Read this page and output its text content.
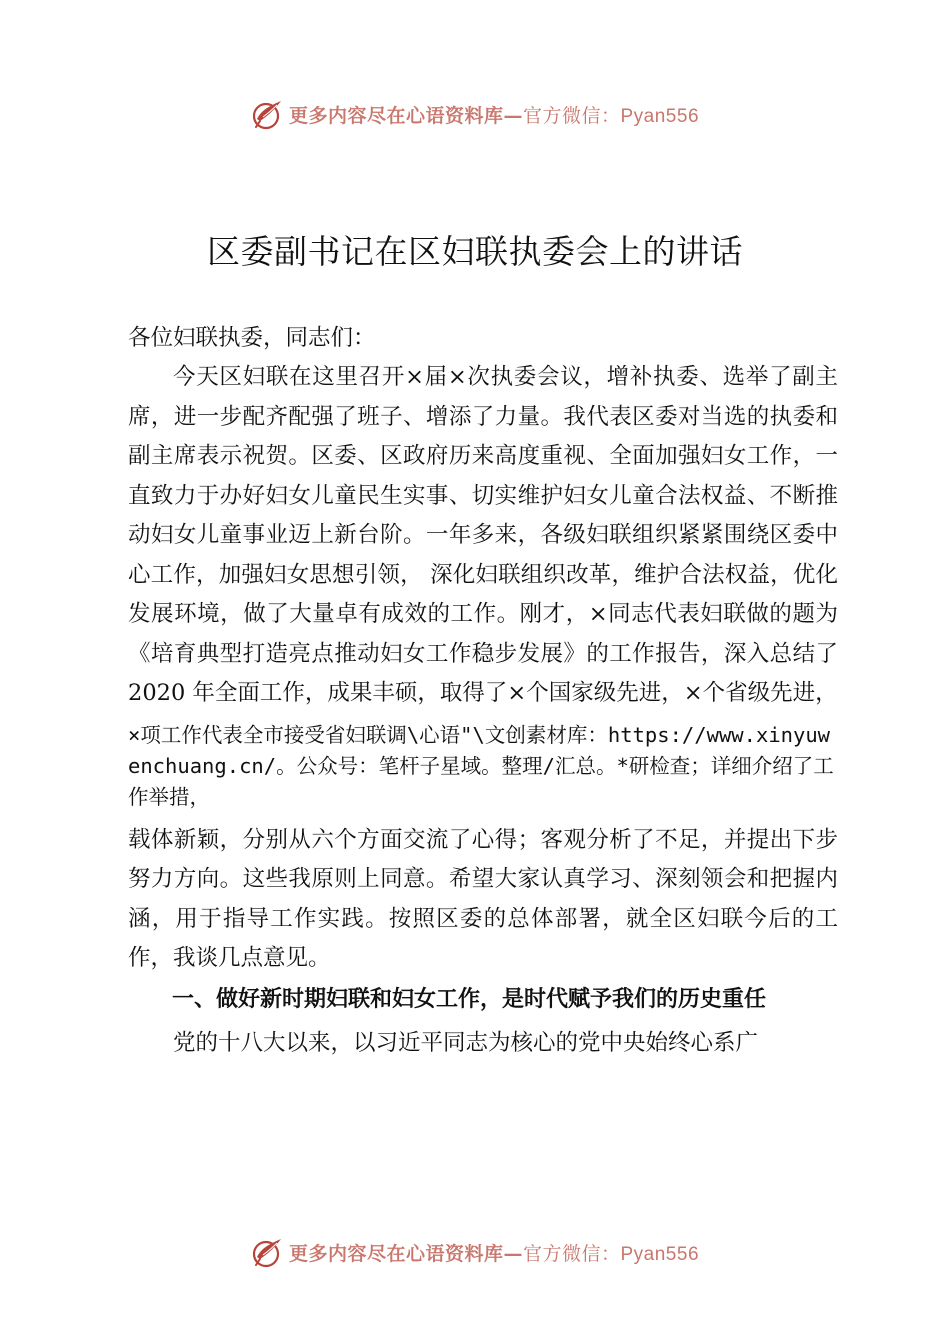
更多内容尽在心语资料库—官方微信：Pyan556
区委副书记在区妇联执委会上的讲话

各位妇联执委，同志们：

今天区妇联在这里召开×届×次执委会议，增补执委、选举了副主席，进一步配齐配强了班子、增添了力量。我代表区委对当选的执委和副主席表示祝贺。区委、区政府历来高度重视、全面加强妇女工作，一直致力于办好妇女儿童民生实事、切实维护妇女儿童合法权益、不断推动妇女儿童事业迈上新台阶。一年多来，各级妇联组织紧紧围绕区委中心工作，加强妇女思想引领， 深化妇联组织改革，维护合法权益，优化发展环境，做了大量卓有成效的工作。刚才，×同志代表妇联做的题为《培育典型打造亮点推动妇女工作稳步发展》的工作报告，深入总结了 2020 年全面工作，成果丰硕，取得了×个国家级先进，×个省级先进，

×项工作代表全市接受省妇联调\心语"\文创素材库：https://www.xinyuwenchuang.cn/。公众号：笔杆子星域。整理/汇总。*研检查；详细介绍了工作举措，

载体新颖，分别从六个方面交流了心得；客观分析了不足，并提出下步努力方向。这些我原则上同意。希望大家认真学习、深刻领会和把握内涵，用于指导工作实践。按照区委的总体部署，就全区妇联今后的工作，我谈几点意见。

一、做好新时期妇联和妇女工作，是时代赋予我们的历史重任

党的十八大以来，以习近平同志为核心的党中央始终心系广

更多内容尽在心语资料库—官方微信：Pyan556
